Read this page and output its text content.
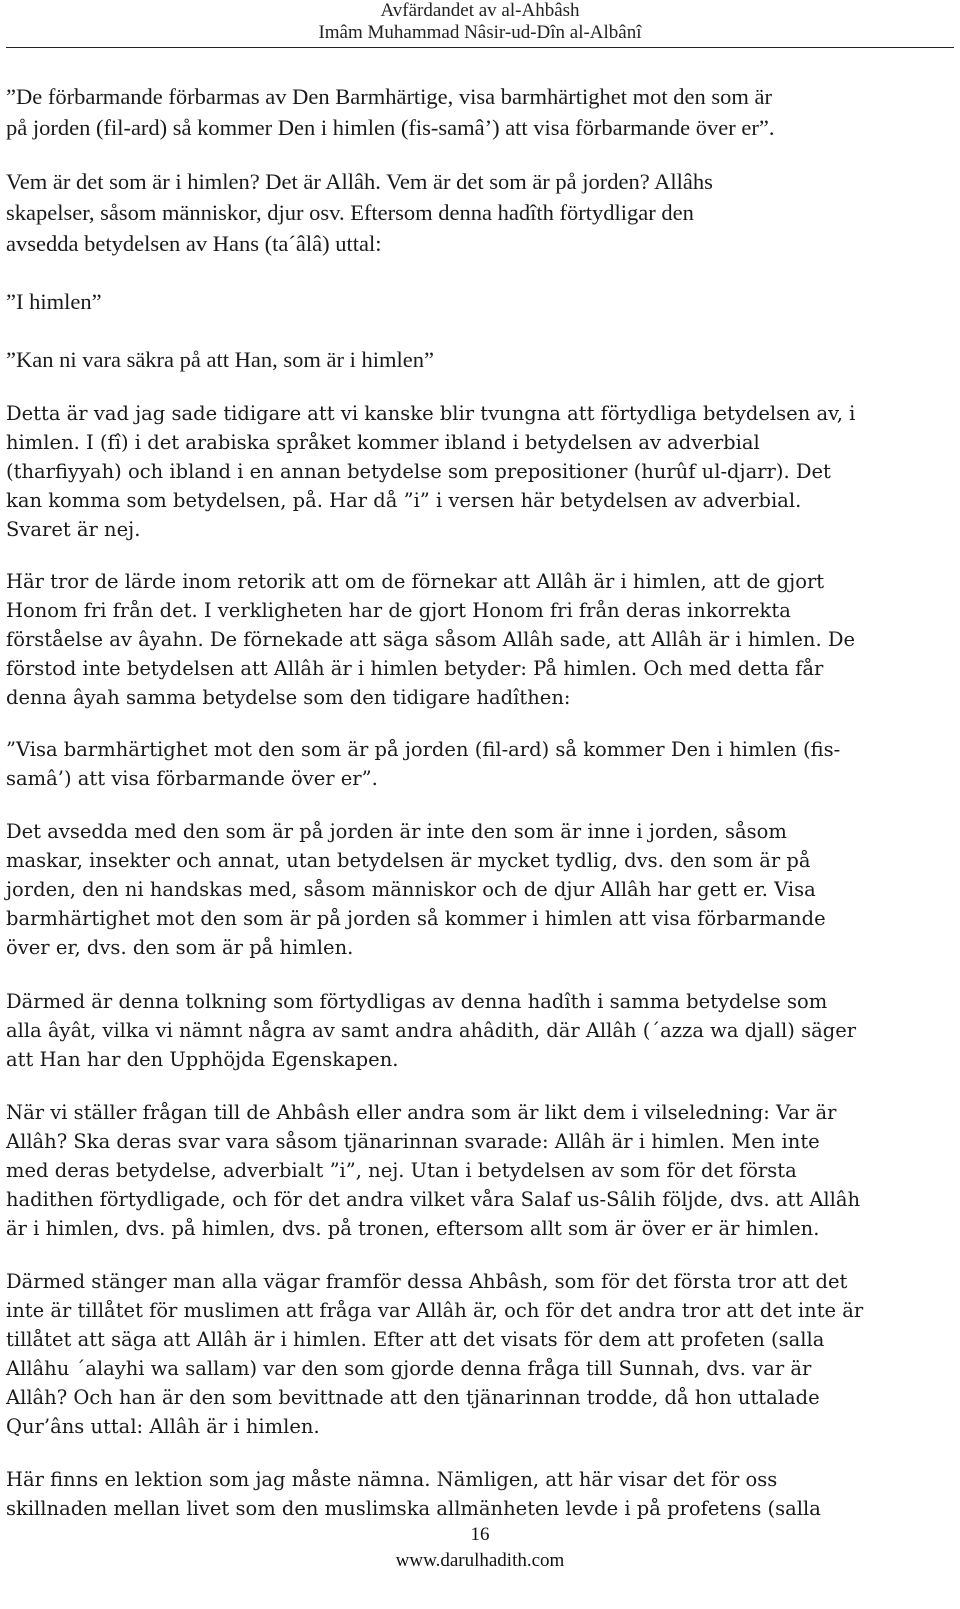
Avfärdandet av al-Ahbâsh
Imâm Muhammad Nâsir-ud-Dîn al-Albânî
”De förbarmande förbarmas av Den Barmhärtige, visa barmhärtighet mot den som är
på jorden (fil-ard) så kommer Den i himlen (fis-samâ’) att visa förbarmande över er”.
Vem är det som är i himlen? Det är Allâh. Vem är det som är på jorden? Allâhs
skapelser, såsom människor, djur osv. Eftersom denna hadîth förtydligar den
avsedda betydelsen av Hans (ta´âlâ) uttal:
”I himlen”
”Kan ni vara säkra på att Han, som är i himlen”
Detta är vad jag sade tidigare att vi kanske blir tvungna att förtydliga betydelsen av, i
himlen. I (fî) i det arabiska språket kommer ibland i betydelsen av adverbial
(tharfiyyah) och ibland i en annan betydelse som prepositioner (hurûf ul-djarr). Det
kan komma som betydelsen, på. Har då ”i” i versen här betydelsen av adverbial.
Svaret är nej.
Här tror de lärde inom retorik att om de förnekar att Allâh är i himlen, att de gjort
Honom fri från det. I verkligheten har de gjort Honom fri från deras inkorrekta
förståelse av âyahn. De förnekade att säga såsom Allâh sade, att Allâh är i himlen. De
förstod inte betydelsen att Allâh är i himlen betyder: På himlen. Och med detta får
denna âyah samma betydelse som den tidigare hadîthen:
”Visa barmhärtighet mot den som är på jorden (fil-ard) så kommer Den i himlen (fis-
samâ’) att visa förbarmande över er”.
Det avsedda med den som är på jorden är inte den som är inne i jorden, såsom
maskar, insekter och annat, utan betydelsen är mycket tydlig, dvs. den som är på
jorden, den ni handskas med, såsom människor och de djur Allâh har gett er. Visa
barmhärtighet mot den som är på jorden så kommer i himlen att visa förbarmande
över er, dvs. den som är på himlen.
Därmed är denna tolkning som förtydligas av denna hadîth i samma betydelse som
alla âyât, vilka vi nämnt några av samt andra ahâdith, där Allâh (´azza wa djall) säger
att Han har den Upphöjda Egenskapen.
När vi ställer frågan till de Ahbâsh eller andra som är likt dem i vilseledning: Var är
Allâh? Ska deras svar vara såsom tjänarinnan svarade: Allâh är i himlen. Men inte
med deras betydelse, adverbialt ”i”, nej. Utan i betydelsen av som för det första
hadithen förtydligade, och för det andra vilket våra Salaf us-Sâlih följde, dvs. att Allâh
är i himlen, dvs. på himlen, dvs. på tronen, eftersom allt som är över er är himlen.
Därmed stänger man alla vägar framför dessa Ahbâsh, som för det första tror att det
inte är tillåtet för muslimen att fråga var Allâh är, och för det andra tror att det inte är
tillåtet att säga att Allâh är i himlen. Efter att det visats för dem att profeten (salla
Allâhu ´alayhi wa sallam) var den som gjorde denna fråga till Sunnah, dvs. var är
Allâh? Och han är den som bevittnade att den tjänarinnan trodde, då hon uttalade
Qur’âns uttal: Allâh är i himlen.
Här finns en lektion som jag måste nämna. Nämligen, att här visar det för oss
skillnaden mellan livet som den muslimska allmänheten levde i på profetens (salla
16
www.darulhadith.com
